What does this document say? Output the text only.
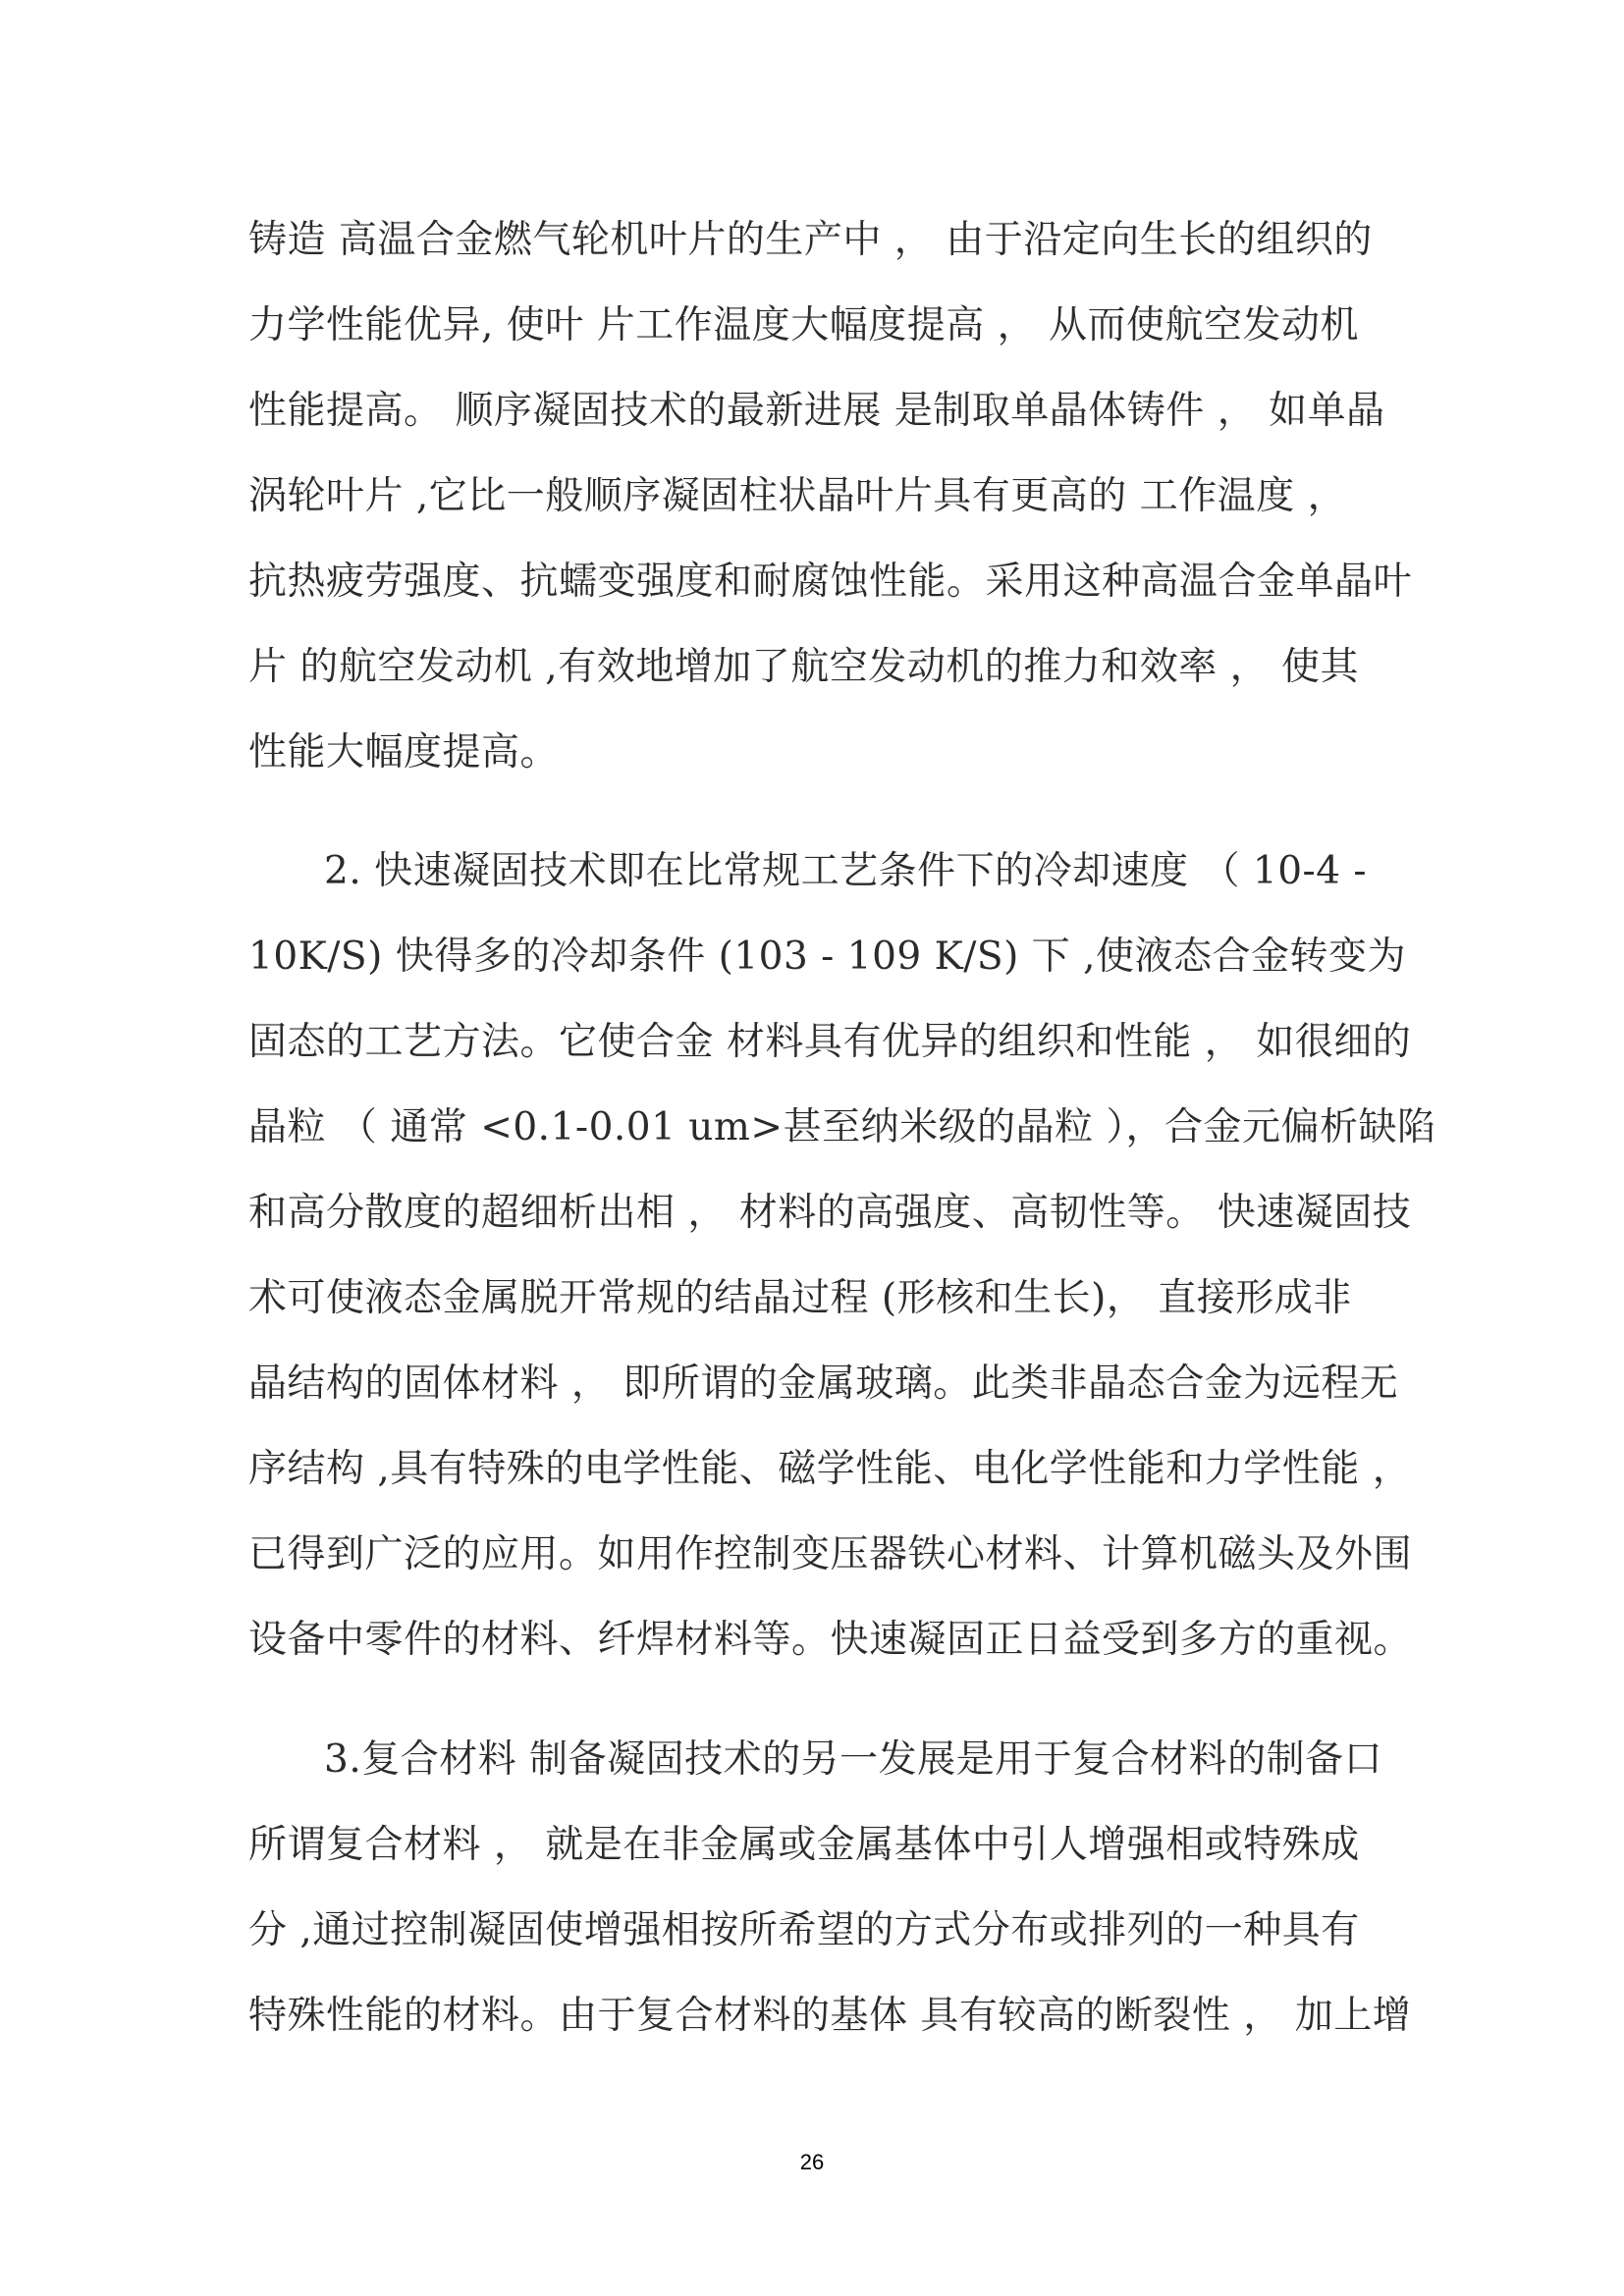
铸造 高温合金燃气轮机叶片的生产中 ， 由于沿定向生长的组织的
力学性能优异, 使叶 片工作温度大幅度提高 ， 从而使航空发动机
性能提高。 顺序凝固技术的最新进展 是制取单晶体铸件 ， 如单晶
涡轮叶片 ,它比一般顺序凝固柱状晶叶片具有更高的 工作温度 ，
抗热疲劳强度、抗蠕变强度和耐腐蚀性能。采用这种高温合金单晶叶
片 的航空发动机 ,有效地增加了航空发动机的推力和效率 ， 使其
性能大幅度提高。
2. 快速凝固技术即在比常规工艺条件下的冷却速度 （ 10-4 -
10K/S) 快得多的冷却条件 (103 - 109 K/S) 下 ,使液态合金转变为
固态的工艺方法。它使合金 材料具有优异的组织和性能 ， 如很细的
晶粒 （ 通常 <0.1-0.01 um>甚至纳米级的晶粒 ），合金元偏析缺陷
和高分散度的超细析出相 ， 材料的高强度、高韧性等。 快速凝固技
术可使液态金属脱开常规的结晶过程 (形核和生长)， 直接形成非
晶结构的固体材料 ， 即所谓的金属玻璃。此类非晶态合金为远程无
序结构 ,具有特殊的电学性能、磁学性能、电化学性能和力学性能 ，
已得到广泛的应用。如用作控制变压器铁心材料、计算机磁头及外围
设备中零件的材料、纤焊材料等。快速凝固正日益受到多方的重视。
3.复合材料 制备凝固技术的另一发展是用于复合材料的制备口
所谓复合材料 ， 就是在非金属或金属基体中引人增强相或特殊成
分 ,通过控制凝固使增强相按所希望的方式分布或排列的一种具有
特殊性能的材料。由于复合材料的基体 具有较高的断裂性 ， 加上增
26
